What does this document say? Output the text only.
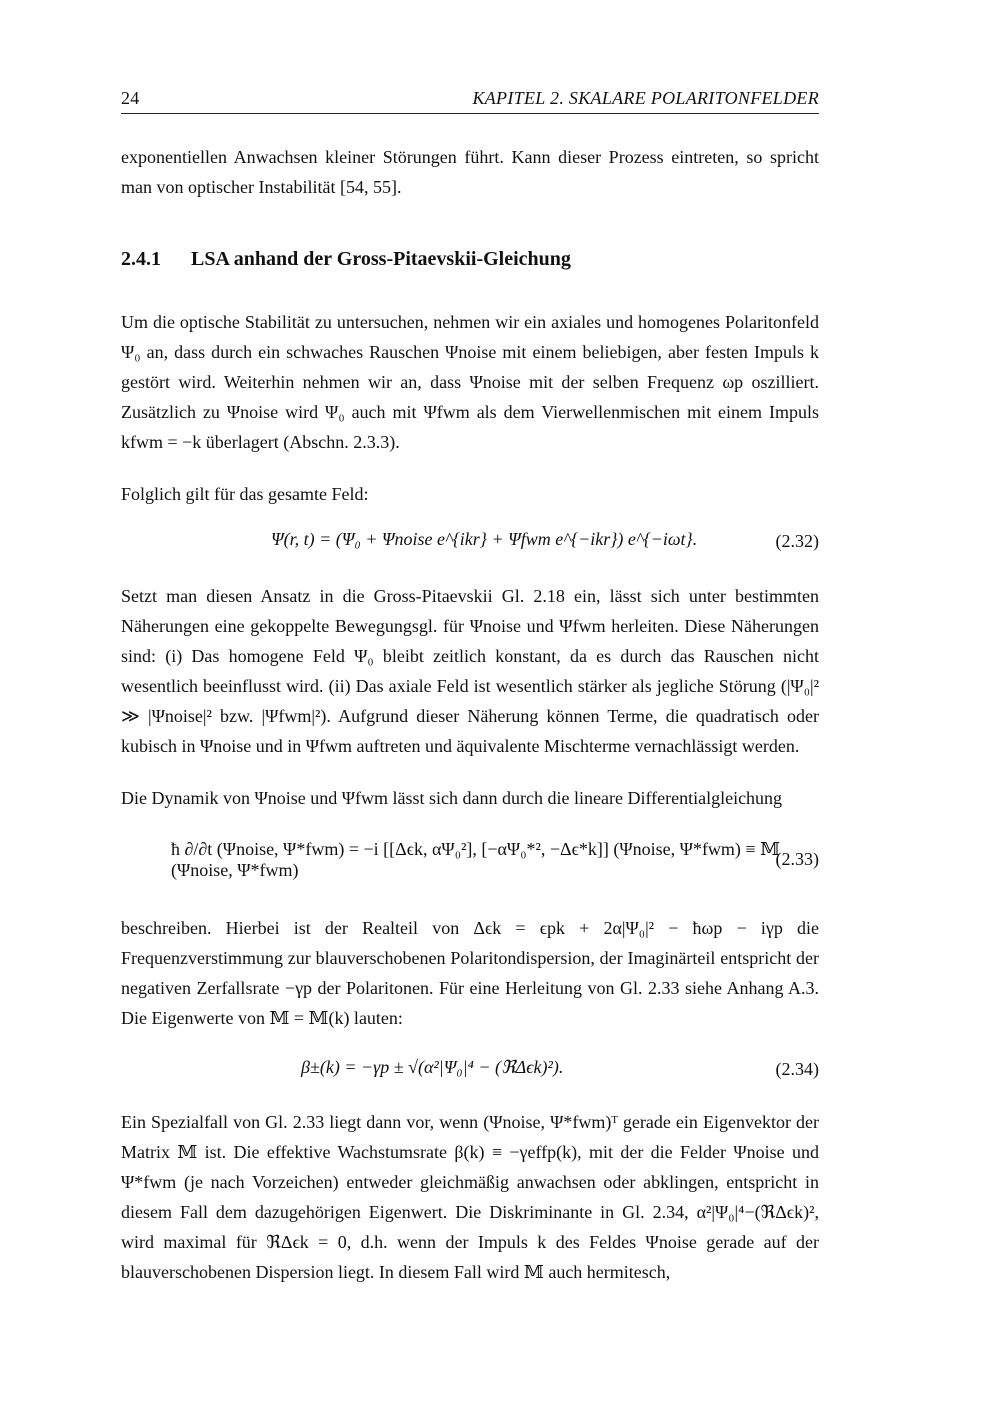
24	KAPITEL 2. SKALARE POLARITONFELDER

exponentiellen Anwachsen kleiner Störungen führt. Kann dieser Prozess eintreten, so spricht man von optischer Instabilität [54, 55].

2.4.1 LSA anhand der Gross-Pitaevskii-Gleichung

Um die optische Stabilität zu untersuchen, nehmen wir ein axiales und homogenes Polaritonfeld Ψ₀ an, dass durch ein schwaches Rauschen Ψnoise mit einem beliebigen, aber festen Impuls k gestört wird. Weiterhin nehmen wir an, dass Ψnoise mit der selben Frequenz ωp oszilliert. Zusätzlich zu Ψnoise wird Ψ₀ auch mit Ψfwm als dem Vierwellenmischen mit einem Impuls kfwm = −k überlagert (Abschn. 2.3.3).

Folglich gilt für das gesamte Feld:

Ψ(r, t) = (Ψ₀ + Ψnoise e^{ikr} + Ψfwm e^{−ikr}) e^{−iωt}.	(2.32)

Setzt man diesen Ansatz in die Gross-Pitaevskii Gl. 2.18 ein, lässt sich unter bestimmten Näherungen eine gekoppelte Bewegungsgl. für Ψnoise und Ψfwm herleiten. Diese Näherungen sind: (i) Das homogene Feld Ψ₀ bleibt zeitlich konstant, da es durch das Rauschen nicht wesentlich beeinflusst wird. (ii) Das axiale Feld ist wesentlich stärker als jegliche Störung (|Ψ₀|² ≫ |Ψnoise|² bzw. |Ψfwm|²). Aufgrund dieser Näherung können Terme, die quadratisch oder kubisch in Ψnoise und in Ψfwm auftreten und äquivalente Mischterme vernachlässigt werden.

Die Dynamik von Ψnoise und Ψfwm lässt sich dann durch die lineare Differentialgleichung

ħ ∂/∂t (Ψnoise, Ψ*fwm) = −i [[Δϵk, αΨ₀²], [−αΨ₀*², −Δϵ*k]] (Ψnoise, Ψ*fwm) ≡ 𝕄 (Ψnoise, Ψ*fwm)
(2.33)

beschreiben. Hierbei ist der Realteil von Δϵk = ϵpk + 2α|Ψ₀|² − ħωp − iγp die Frequenzverstimmung zur blauverschobenen Polaritondispersion, der Imaginärteil entspricht der negativen Zerfallsrate −γp der Polaritonen. Für eine Herleitung von Gl. 2.33 siehe Anhang A.3. Die Eigenwerte von 𝕄 = 𝕄(k) lauten:

β±(k) = −γp ± √(α²|Ψ₀|⁴ − (ℜΔϵk)²).	(2.34)

Ein Spezialfall von Gl. 2.33 liegt dann vor, wenn (Ψnoise, Ψ*fwm)ᵀ gerade ein Eigenvektor der Matrix 𝕄 ist. Die effektive Wachstumsrate β(k) ≡ −γeffp(k), mit der die Felder Ψnoise und Ψ*fwm (je nach Vorzeichen) entweder gleichmäßig anwachsen oder abklingen, entspricht in diesem Fall dem dazugehörigen Eigenwert. Die Diskriminante in Gl. 2.34, α²|Ψ₀|⁴−(ℜΔϵk)², wird maximal für ℜΔϵk = 0, d.h. wenn der Impuls k des Feldes Ψnoise gerade auf der blauverschobenen Dispersion liegt. In diesem Fall wird 𝕄 auch hermitesch,
